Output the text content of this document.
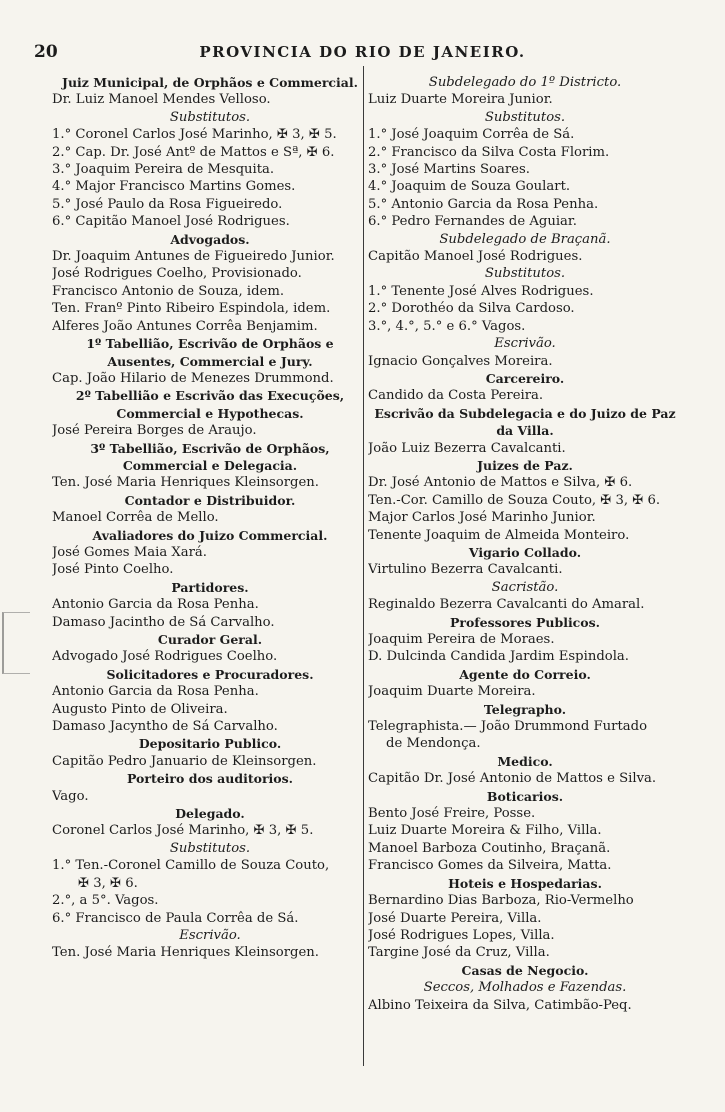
20	PROVINCIA DO RIO DE JANEIRO.
Juiz Municipal, de Orphãos e Commercial.
Dr. Luiz Manoel Mendes Velloso.
Substitutos.
1.° Coronel Carlos José Marinho, ✠ 3, ✠ 5.
2.° Cap. Dr. José Antº de Mattos e Sª, ✠ 6.
3.° Joaquim Pereira de Mesquita.
4.° Major Francisco Martins Gomes.
5.° José Paulo da Rosa Figueiredo.
6.° Capitão Manoel José Rodrigues.
Advogados.
Dr. Joaquim Antunes de Figueiredo Junior.
José Rodrigues Coelho, Provisionado.
Francisco Antonio de Souza, idem.
Ten. Franº Pinto Ribeiro Espindola, idem.
Alferes João Antunes Corrêa Benjamim.
1º Tabellião, Escrivão de Orphãos e Ausentes, Commercial e Jury.
Cap. João Hilario de Menezes Drummond.
2º Tabellião e Escrivão das Execuções, Commercial e Hypothecas.
José Pereira Borges de Araujo.
3º Tabellião, Escrivão de Orphãos, Commercial e Delegacia.
Ten. José Maria Henriques Kleinsorgen.
Contador e Distribuidor.
Manoel Corrêa de Mello.
Avaliadores do Juizo Commercial.
José Gomes Maia Xará.
José Pinto Coelho.
Partidores.
Antonio Garcia da Rosa Penha.
Damaso Jacintho de Sá Carvalho.
Curador Geral.
Advogado José Rodrigues Coelho.
Solicitadores e Procuradores.
Antonio Garcia da Rosa Penha.
Augusto Pinto de Oliveira.
Damaso Jacyntho de Sá Carvalho.
Depositario Publico.
Capitão Pedro Januario de Kleinsorgen.
Porteiro dos auditorios.
Vago.
Delegado.
Coronel Carlos José Marinho, ✠ 3, ✠ 5.
Substitutos.
1.° Ten.-Coronel Camillo de Souza Couto,
✠ 3, ✠ 6.
2.°, a 5°. Vagos.
6.° Francisco de Paula Corrêa de Sá.
Escrivão.
Ten. José Maria Henriques Kleinsorgen.
Subdelegado do 1º Districto.
Luiz Duarte Moreira Junior.
Substitutos.
1.° José Joaquim Corrêa de Sá.
2.° Francisco da Silva Costa Florim.
3.° José Martins Soares.
4.° Joaquim de Souza Goulart.
5.° Antonio Garcia da Rosa Penha.
6.° Pedro Fernandes de Aguiar.
Subdelegado de Braçanã.
Capitão Manoel José Rodrigues.
Substitutos.
1.° Tenente José Alves Rodrigues.
2.° Dorothéo da Silva Cardoso.
3.°, 4.°, 5.° e 6.° Vagos.
Escrivão.
Ignacio Gonçalves Moreira.
Carcereiro.
Candido da Costa Pereira.
Escrivão da Subdelegacia e do Juizo de Paz da Villa.
João Luiz Bezerra Cavalcanti.
Juizes de Paz.
Dr. José Antonio de Mattos e Silva, ✠ 6.
Ten.-Cor. Camillo de Souza Couto, ✠ 3, ✠ 6.
Major Carlos José Marinho Junior.
Tenente Joaquim de Almeida Monteiro.
Vigario Collado.
Virtulino Bezerra Cavalcanti.
Sacristão.
Reginaldo Bezerra Cavalcanti do Amaral.
Professores Publicos.
Joaquim Pereira de Moraes.
D. Dulcinda Candida Jardim Espindola.
Agente do Correio.
Joaquim Duarte Moreira.
Telegrapho.
Telegraphista.— João Drummond Furtado
de Mendonça.
Medico.
Capitão Dr. José Antonio de Mattos e Silva.
Boticarios.
Bento José Freire, Posse.
Luiz Duarte Moreira & Filho, Villa.
Manoel Barboza Coutinho, Braçanã.
Francisco Gomes da Silveira, Matta.
Hoteis e Hospedarias.
Bernardino Dias Barboza, Rio-Vermelho
José Duarte Pereira, Villa.
José Rodrigues Lopes, Villa.
Targine José da Cruz, Villa.
Casas de Negocio.
Seccos, Molhados e Fazendas.
Albino Teixeira da Silva, Catimbão-Peq.
